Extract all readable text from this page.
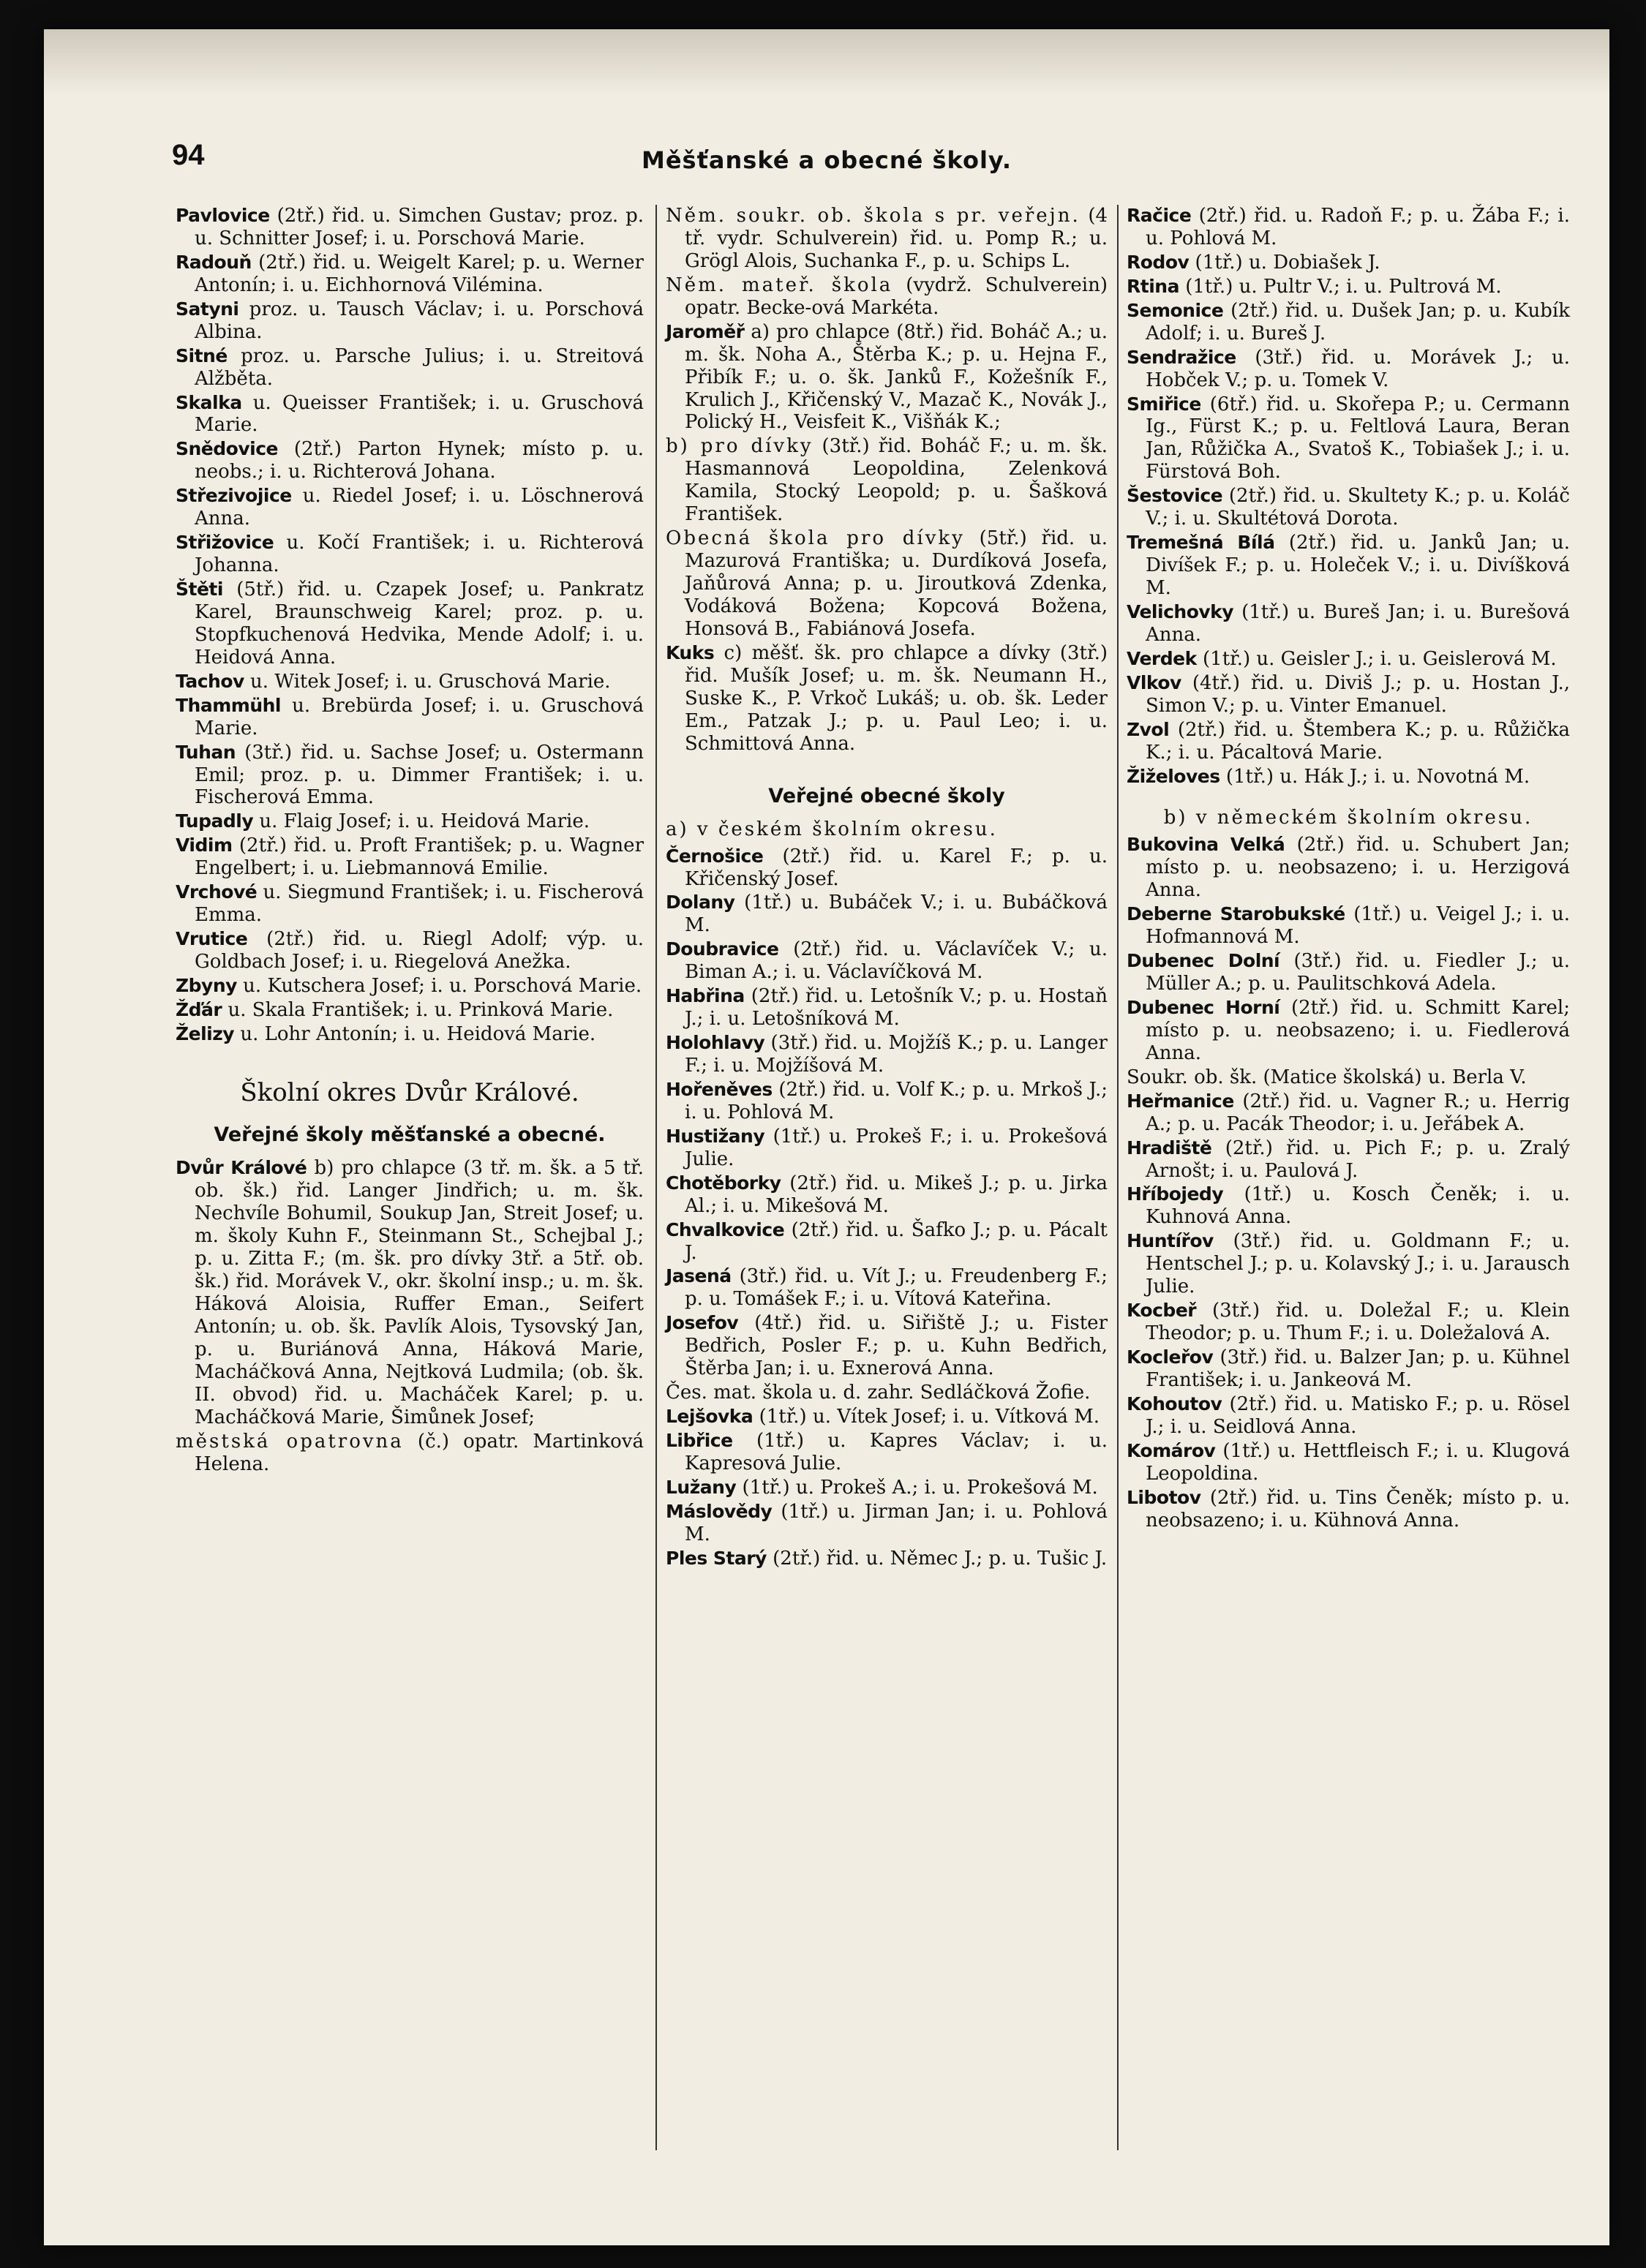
94	Měšťanské a obecné školy.
Pavlovice (2tř.) řid. u. Simchen Gustav; proz. p. u. Schnitter Josef; i. u. Porschová Marie.
Radouň (2tř.) řid. u. Weigelt Karel; p. u. Werner Antonín; i. u. Eichhornová Vilémina.
Satyni proz. u. Tausch Václav; i. u. Porschová Albina.
Sitné proz. u. Parsche Julius; i. u. Streitová Alžběta.
Skalka u. Queisser František; i. u. Gruschová Marie.
Snědovice (2tř.) Parton Hynek; místo p. u. neobs.; i. u. Richterová Johana.
Střezivojice u. Riedel Josef; i. u. Löschnerová Anna.
Střižovice u. Kočí František; i. u. Richterová Johanna.
Štěti (5tř.) řid. u. Czapek Josef; u. Pankratz Karel, Braunschweig Karel; proz. p. u. Stopfkuchenová Hedvika, Mende Adolf; i. u. Heidová Anna.
Tachov u. Witek Josef; i. u. Gruschová Marie.
Thammühl u. Brebürda Josef; i. u. Gruschová Marie.
Tuhan (3tř.) řid. u. Sachse Josef; u. Ostermann Emil; proz. p. u. Dimmer František; i. u. Fischerová Emma.
Tupadly u. Flaig Josef; i. u. Heidová Marie.
Vidim (2tř.) řid. u. Proft František; p. u. Wagner Engelbert; i. u. Liebmannová Emilie.
Vrchové u. Siegmund František; i. u. Fischerová Emma.
Vrutice (2tř.) řid. u. Riegl Adolf; výp. u. Goldbach Josef; i. u. Riegelová Anežka.
Zbyny u. Kutschera Josef; i. u. Porschová Marie.
Žďár u. Skala František; i. u. Prinková Marie.
Želizy u. Lohr Antonín; i. u. Heidová Marie.
Školní okres Dvůr Králové.
Veřejné školy měšťanské a obecné.
Dvůr Králové b) pro chlapce (3 tř. m. šk. a 5 tř. ob. šk.) řid. Langer Jindřich; u. m. šk. Nechvíle Bohumil, Soukup Jan, Streit Josef; u. m. školy Kuhn F., Steinmann St., Schejbal J.; p. u. Zitta F.; (m. šk. pro dívky 3tř. a 5tř. ob. šk.) řid. Morávek V., okr. školní insp.; u. m. šk. Háková Aloisia, Ruffer Eman., Seifert Antonín; u. ob. šk. Pavlík Alois, Tysovský Jan, p. u. Buriánová Anna, Háková Marie, Macháčková Anna, Nejtková Ludmila; (ob. šk. II. obvod) řid. u. Macháček Karel; p. u. Macháčková Marie, Šimůnek Josef;
městská opatrovna (č.) opatr. Martinková Helena.
Něm. soukr. ob. škola s pr. veřejn. (4 tř. vydr. Schulverein) řid. u. Pomp R.; u. Grögl Alois, Suchanka F., p. u. Schips L.
Něm. mateř. škola (vydrž. Schulverein) opatr. Becke-ová Markéta.
Jaroměř a) pro chlapce (8tř.) řid. Boháč A.; u. m. šk. Noha A., Štěrba K.; p. u. Hejna F., Přibík F.; u. o. šk. Janků F., Kožešník F., Krulich J., Křičenský V., Mazač K., Novák J., Polický H., Veisfeit K., Višňák K.;
b) pro dívky (3tř.) řid. Boháč F.; u. m. šk. Hasmannová Leopoldina, Zelenková Kamila, Stocký Leopold; p. u. Šašková František.
Obecná škola pro dívky (5tř.) řid. u. Mazurová Františka; u. Durdíková Josefa, Jaňůrová Anna; p. u. Jiroutková Zdenka, Vodáková Božena; Kopcová Božena, Honsová B., Fabiánová Josefa.
Kuks c) měšť. šk. pro chlapce a dívky (3tř.) řid. Mušík Josef; u. m. šk. Neumann H., Suske K., P. Vrkoč Lukáš; u. ob. šk. Leder Em., Patzak J.; p. u. Paul Leo; i. u. Schmittová Anna.
Veřejné obecné školy
a) v českém školním okresu.
Černošice (2tř.) řid. u. Karel F.; p. u. Křičenský Josef.
Dolany (1tř.) u. Bubáček V.; i. u. Bubáčková M.
Doubravice (2tř.) řid. u. Václavíček V.; u. Biman A.; i. u. Václavíčková M.
Habřina (2tř.) řid. u. Letošník V.; p. u. Hostaň J.; i. u. Letošníková M.
Holohlavy (3tř.) řid. u. Mojžíš K.; p. u. Langer F.; i. u. Mojžíšová M.
Hořeněves (2tř.) řid. u. Volf K.; p. u. Mrkoš J.; i. u. Pohlová M.
Hustižany (1tř.) u. Prokeš F.; i. u. Prokešová Julie.
Chotěborky (2tř.) řid. u. Mikeš J.; p. u. Jirka Al.; i. u. Mikešová M.
Chvalkovice (2tř.) řid. u. Šafko J.; p. u. Pácalt J.
Jasená (3tř.) řid. u. Vít J.; u. Freudenberg F.; p. u. Tomášek F.; i. u. Vítová Kateřina.
Josefov (4tř.) řid. u. Siřiště J.; u. Fister Bedřich, Posler F.; p. u. Kuhn Bedřich, Štěrba Jan; i. u. Exnerová Anna.
Čes. mat. škola u. d. zahr. Sedláčková Žofie.
Lejšovka (1tř.) u. Vítek Josef; i. u. Vítková M.
Libřice (1tř.) u. Kapres Václav; i. u. Kapresová Julie.
Lužany (1tř.) u. Prokeš A.; i. u. Prokešová M.
Máslovědy (1tř.) u. Jirman Jan; i. u. Pohlová M.
Ples Starý (2tř.) řid. u. Němec J.; p. u. Tušic J.
Račice (2tř.) řid. u. Radoň F.; p. u. Žába F.; i. u. Pohlová M.
Rodov (1tř.) u. Dobiašek J.
Rtina (1tř.) u. Pultr V.; i. u. Pultrová M.
Semonice (2tř.) řid. u. Dušek Jan; p. u. Kubík Adolf; i. u. Bureš J.
Sendražice (3tř.) řid. u. Morávek J.; u. Hobček V.; p. u. Tomek V.
Smiřice (6tř.) řid. u. Skořepa P.; u. Cermann Ig., Fürst K.; p. u. Feltlová Laura, Beran Jan, Růžička A., Svatoš K., Tobiašek J.; i. u. Fürstová Boh.
Šestovice (2tř.) řid. u. Skultety K.; p. u. Koláč V.; i. u. Skultétová Dorota.
Tremešná Bílá (2tř.) řid. u. Janků Jan; u. Divíšek F.; p. u. Holeček V.; i. u. Divíšková M.
Velichovky (1tř.) u. Bureš Jan; i. u. Burešová Anna.
Verdek (1tř.) u. Geisler J.; i. u. Geislerová M.
Vlkov (4tř.) řid. u. Diviš J.; p. u. Hostan J., Simon V.; p. u. Vinter Emanuel.
Zvol (2tř.) řid. u. Štembera K.; p. u. Růžička K.; i. u. Pácaltová Marie.
Žiželoves (1tř.) u. Hák J.; i. u. Novotná M.
b) v německém školním okresu.
Bukovina Velká (2tř.) řid. u. Schubert Jan; místo p. u. neobsazeno; i. u. Herzigová Anna.
Deberne Starobukské (1tř.) u. Veigel J.; i. u. Hofmannová M.
Dubenec Dolní (3tř.) řid. u. Fiedler J.; u. Müller A.; p. u. Paulitschková Adela.
Dubenec Horní (2tř.) řid. u. Schmitt Karel; místo p. u. neobsazeno; i. u. Fiedlerová Anna.
Soukr. ob. šk. (Matice školská) u. Berla V.
Heřmanice (2tř.) řid. u. Vagner R.; u. Herrig A.; p. u. Pacák Theodor; i. u. Jeřábek A.
Hradiště (2tř.) řid. u. Pich F.; p. u. Zralý Arnošt; i. u. Paulová J.
Hříbojedy (1tř.) u. Kosch Čeněk; i. u. Kuhnová Anna.
Huntířov (3tř.) řid. u. Goldmann F.; u. Hentschel J.; p. u. Kolavský J.; i. u. Jarausch Julie.
Kocbeř (3tř.) řid. u. Doležal F.; u. Klein Theodor; p. u. Thum F.; i. u. Doležalová A.
Kocleřov (3tř.) řid. u. Balzer Jan; p. u. Kühnel František; i. u. Jankeová M.
Kohoutov (2tř.) řid. u. Matisko F.; p. u. Rösel J.; i. u. Seidlová Anna.
Komárov (1tř.) u. Hettfleisch F.; i. u. Klugová Leopoldina.
Libotov (2tř.) řid. u. Tins Čeněk; místo p. u. neobsazeno; i. u. Kühnová Anna.
